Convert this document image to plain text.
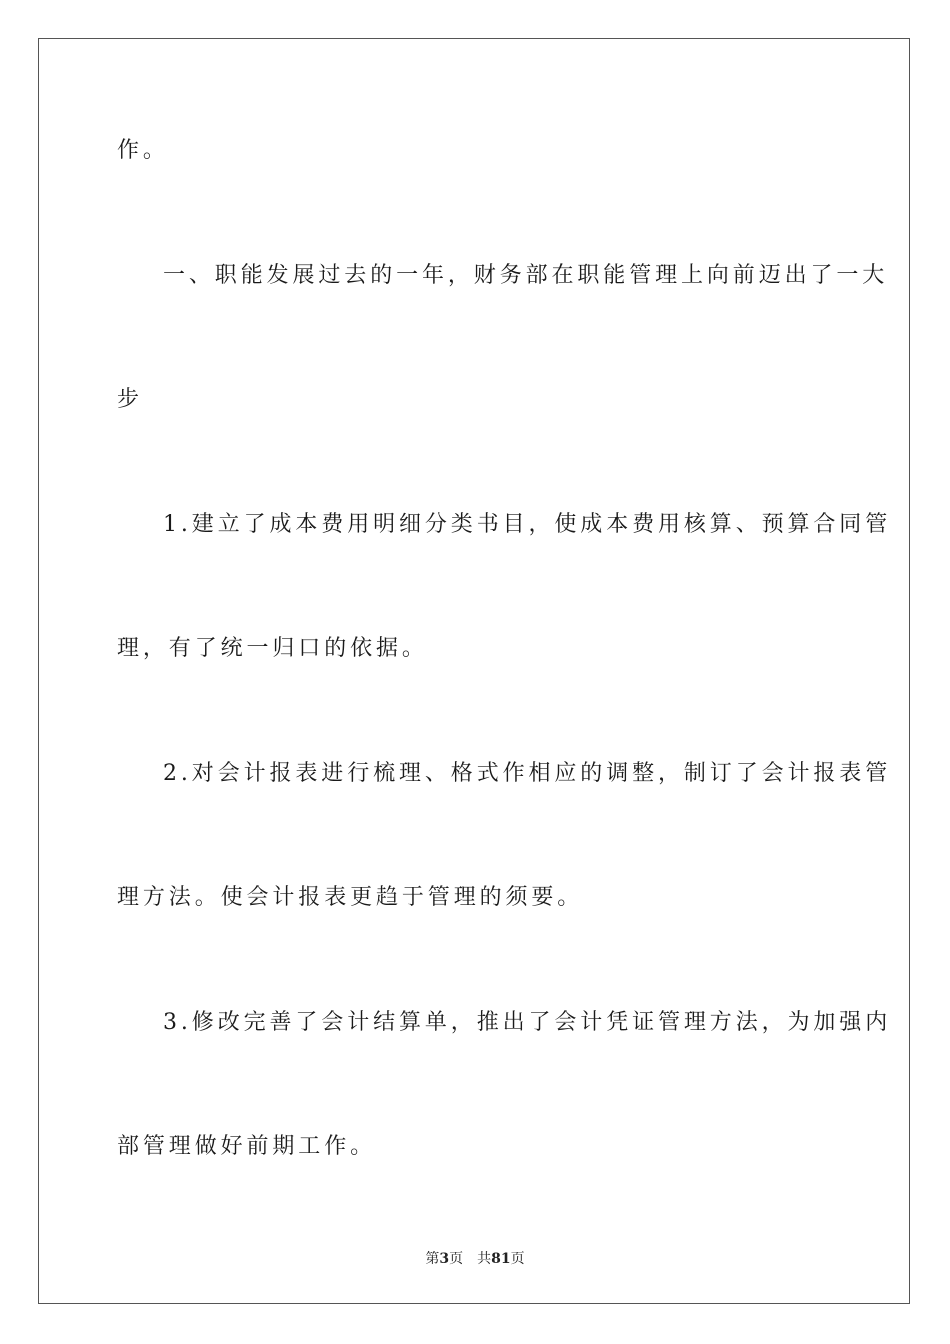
作。
一、职能发展过去的一年，财务部在职能管理上向前迈出了一大
步
1.建立了成本费用明细分类书目，使成本费用核算、预算合同管
理，有了统一归口的依据。
2.对会计报表进行梳理、格式作相应的调整，制订了会计报表管
理方法。使会计报表更趋于管理的须要。
3.修改完善了会计结算单，推出了会计凭证管理方法，为加强内
部管理做好前期工作。
第3页 共81页
